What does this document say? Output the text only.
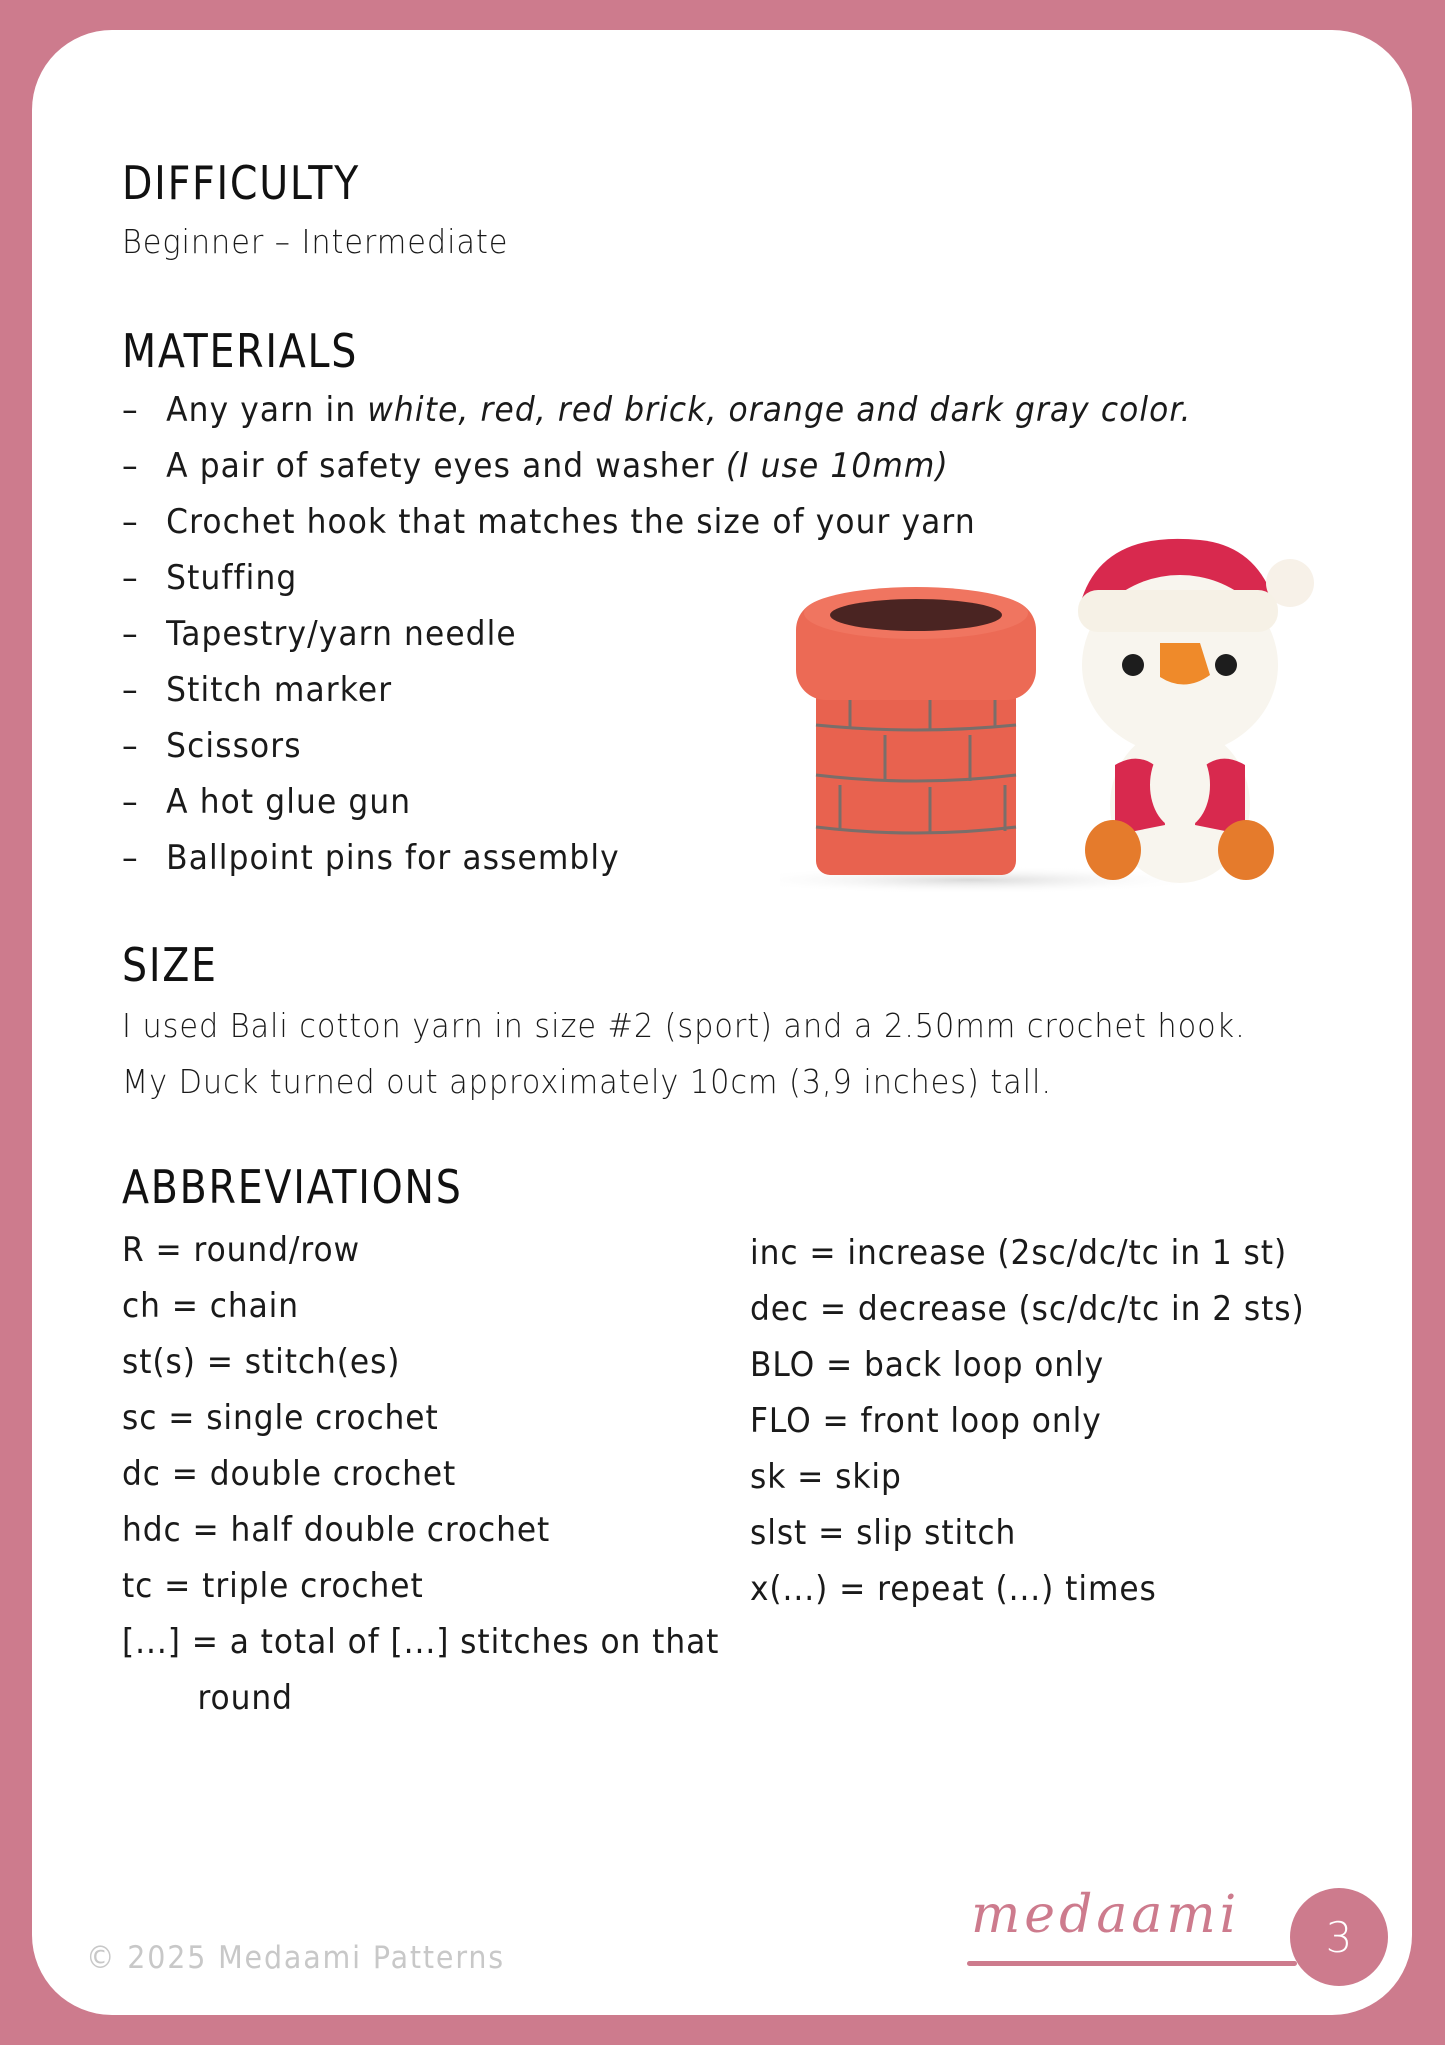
DIFFICULTY
Beginner – Intermediate
MATERIALS
– Any yarn in white, red, red brick, orange and dark gray color.
– A pair of safety eyes and washer (I use 10mm)
– Crochet hook that matches the size of your yarn
– Stuffing
– Tapestry/yarn needle
– Stitch marker
– Scissors
– A hot glue gun
– Ballpoint pins for assembly
SIZE
I used Bali cotton yarn in size #2 (sport) and a 2.50mm crochet hook.
My Duck turned out approximately 10cm (3,9 inches) tall.
ABBREVIATIONS
R = round/row
ch = chain
st(s) = stitch(es)
sc = single crochet
dc = double crochet
hdc = half double crochet
tc = triple crochet
[...] = a total of [...] stitches on that
round
inc = increase (2sc/dc/tc in 1 st)
dec = decrease (sc/dc/tc in 2 sts)
BLO = back loop only
FLO = front loop only
sk = skip
slst = slip stitch
x(...) = repeat (...) times
© 2025 Medaami Patterns
medaami	3
